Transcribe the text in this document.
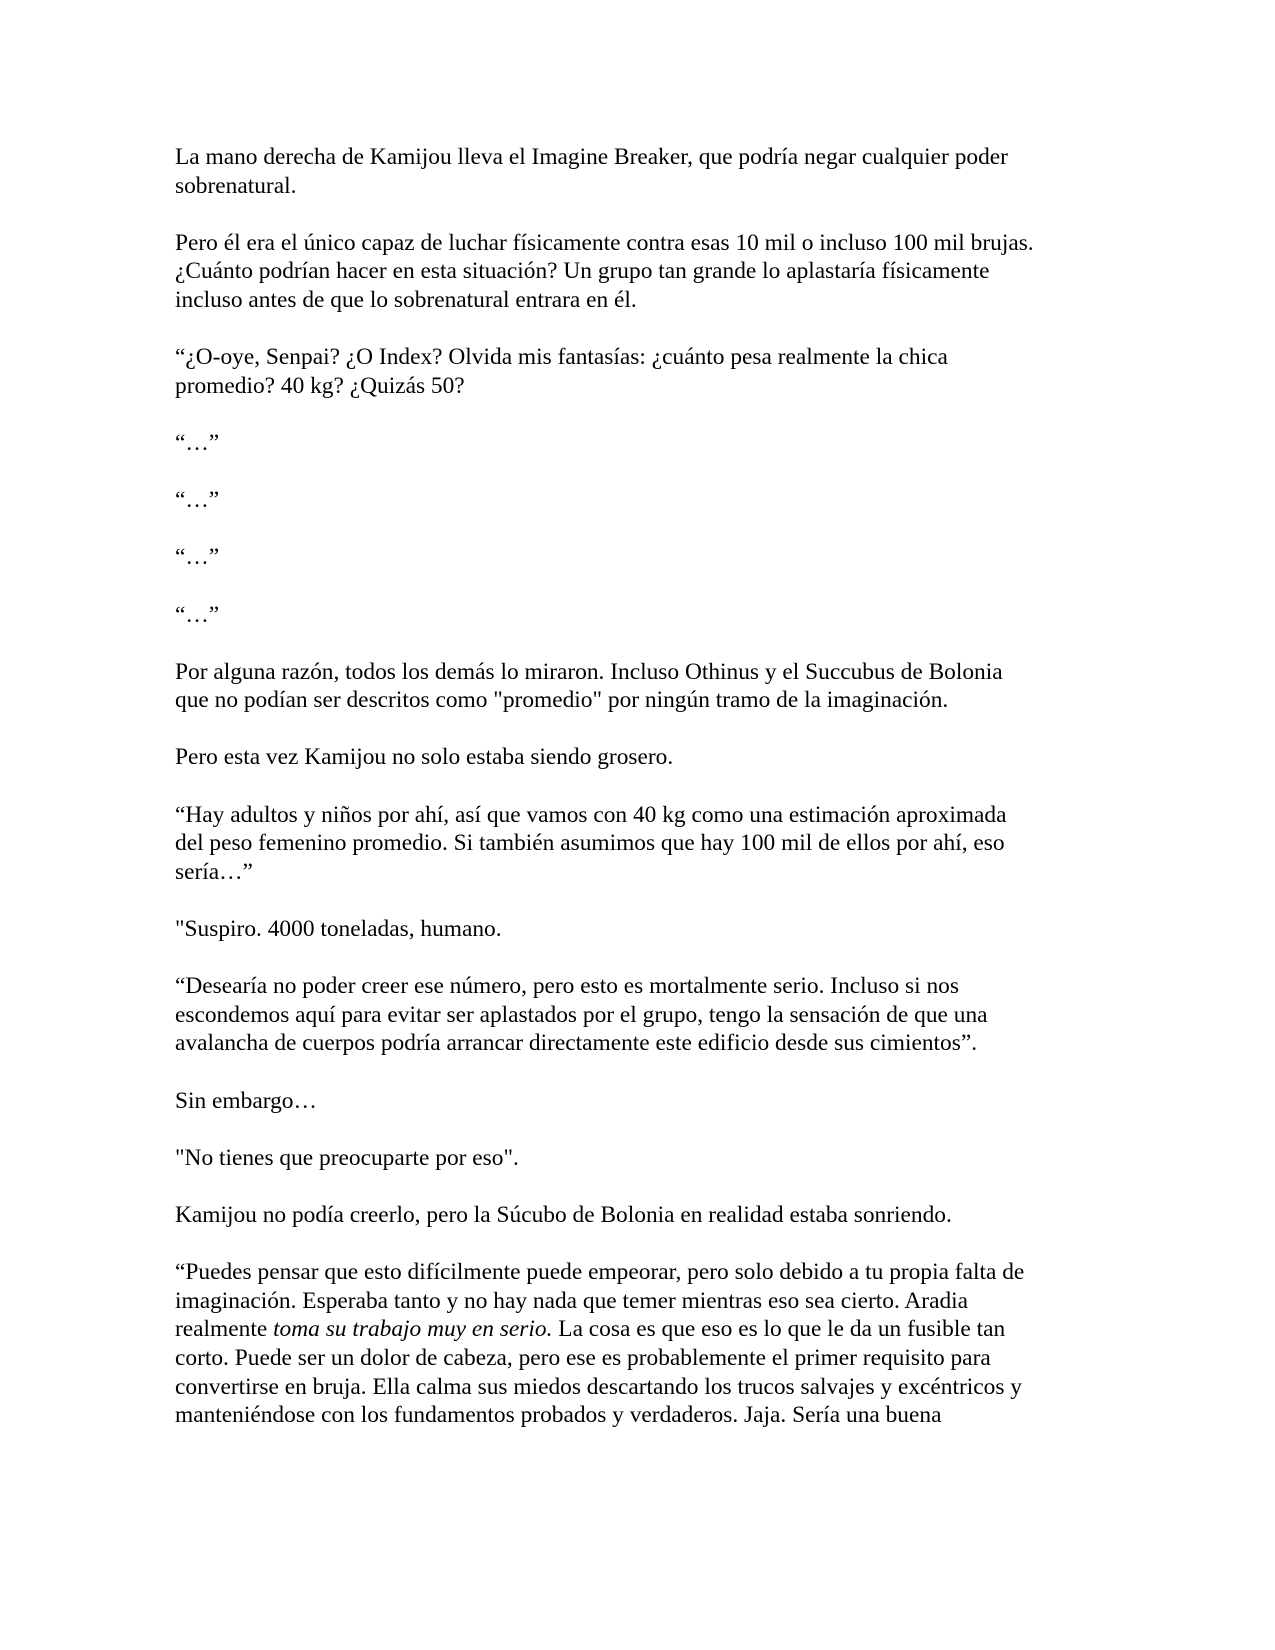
La mano derecha de Kamijou lleva el Imagine Breaker, que podría negar cualquier poder
sobrenatural.

Pero él era el único capaz de luchar físicamente contra esas 10 mil o incluso 100 mil brujas.
¿Cuánto podrían hacer en esta situación? Un grupo tan grande lo aplastaría físicamente
incluso antes de que lo sobrenatural entrara en él.

“¿O-oye, Senpai? ¿O Index? Olvida mis fantasías: ¿cuánto pesa realmente la chica
promedio? 40 kg? ¿Quizás 50?

“…”

“…”

“…”

“…”

Por alguna razón, todos los demás lo miraron. Incluso Othinus y el Succubus de Bolonia
que no podían ser descritos como "promedio" por ningún tramo de la imaginación.

Pero esta vez Kamijou no solo estaba siendo grosero.

“Hay adultos y niños por ahí, así que vamos con 40 kg como una estimación aproximada
del peso femenino promedio. Si también asumimos que hay 100 mil de ellos por ahí, eso
sería…”

"Suspiro. 4000 toneladas, humano.

“Desearía no poder creer ese número, pero esto es mortalmente serio. Incluso si nos
escondemos aquí para evitar ser aplastados por el grupo, tengo la sensación de que una
avalancha de cuerpos podría arrancar directamente este edificio desde sus cimientos”.

Sin embargo…

"No tienes que preocuparte por eso".

Kamijou no podía creerlo, pero la Súcubo de Bolonia en realidad estaba sonriendo.

“Puedes pensar que esto difícilmente puede empeorar, pero solo debido a tu propia falta de
imaginación. Esperaba tanto y no hay nada que temer mientras eso sea cierto. Aradia
realmente toma su trabajo muy en serio. La cosa es que eso es lo que le da un fusible tan
corto. Puede ser un dolor de cabeza, pero ese es probablemente el primer requisito para
convertirse en bruja. Ella calma sus miedos descartando los trucos salvajes y excéntricos y
manteniéndose con los fundamentos probados y verdaderos. Jaja. Sería una buena
